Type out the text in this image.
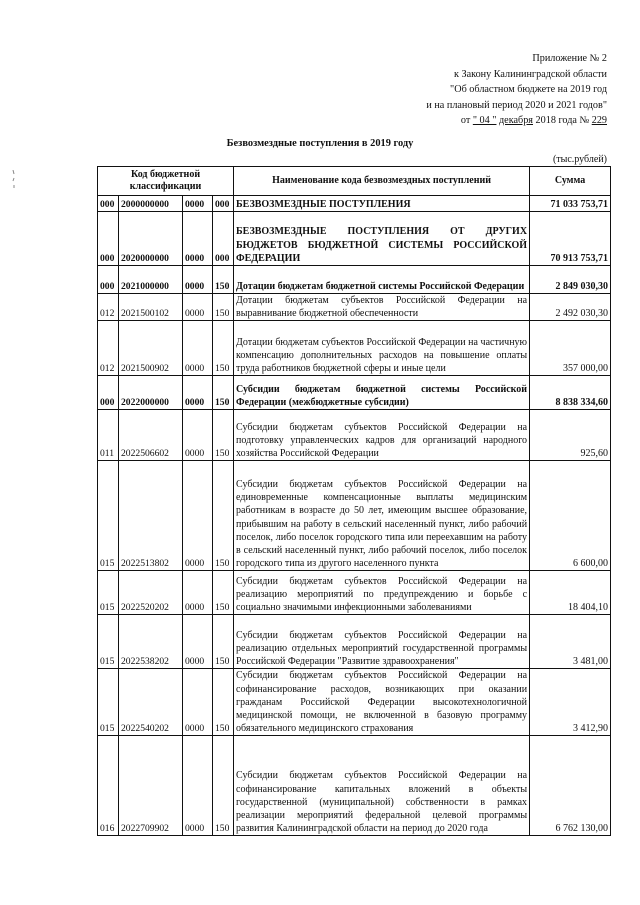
Приложение № 2
к Закону Калининградской области
"Об областном бюджете на 2019 год
и на плановый период 2020 и 2021 годов"
от " 04 " декабря 2018 года № 229
Безвозмездные поступления в 2019 году
(тыс.рублей)
Код бюджетной классификации				Наименование кода безвозмездных поступлений	Сумма
000	2000000000	0000	000	БЕЗВОЗМЕЗДНЫЕ ПОСТУПЛЕНИЯ	71 033 753,71
000	2020000000	0000	000	БЕЗВОЗМЕЗДНЫЕ ПОСТУПЛЕНИЯ ОТ ДРУГИХ БЮДЖЕТОВ БЮДЖЕТНОЙ СИСТЕМЫ РОССИЙСКОЙ ФЕДЕРАЦИИ	70 913 753,71
000	2021000000	0000	150	Дотации бюджетам бюджетной системы Российской Федерации	2 849 030,30
012	2021500102	0000	150	Дотации бюджетам субъектов Российской Федерации на выравнивание бюджетной обеспеченности	2 492 030,30
012	2021500902	0000	150	Дотации бюджетам субъектов Российской Федерации на частичную компенсацию дополнительных расходов на повышение оплаты труда работников бюджетной сферы и иные цели	357 000,00
000	2022000000	0000	150	Субсидии бюджетам бюджетной системы Российской Федерации (межбюджетные субсидии)	8 838 334,60
011	2022506602	0000	150	Субсидии бюджетам субъектов Российской Федерации на подготовку управленческих кадров для организаций народного хозяйства Российской Федерации	925,60
015	2022513802	0000	150	Субсидии бюджетам субъектов Российской Федерации на единовременные компенсационные выплаты медицинским работникам в возрасте до 50 лет, имеющим высшее образование, прибывшим на работу в сельский населенный пункт, либо рабочий поселок, либо поселок городского типа или переехавшим на работу в сельский населенный пункт, либо рабочий поселок, либо поселок городского типа из другого населенного пункта	6 600,00
015	2022520202	0000	150	Субсидии бюджетам субъектов Российской Федерации на реализацию мероприятий по предупреждению и борьбе с социально значимыми инфекционными заболеваниями	18 404,10
015	2022538202	0000	150	Субсидии бюджетам субъектов Российской Федерации на реализацию отдельных мероприятий государственной программы Российской Федерации "Развитие здравоохранения"	3 481,00
015	2022540202	0000	150	Субсидии бюджетам субъектов Российской Федерации на софинансирование расходов, возникающих при оказании гражданам Российской Федерации высокотехнологичной медицинской помощи, не включенной в базовую программу обязательного медицинского страхования	3 412,90
016	2022709902	0000	150	Субсидии бюджетам субъектов Российской Федерации на софинансирование капитальных вложений в объекты государственной (муниципальной) собственности в рамках реализации мероприятий федеральной целевой программы развития Калининградской области на период до 2020 года	6 762 130,00
